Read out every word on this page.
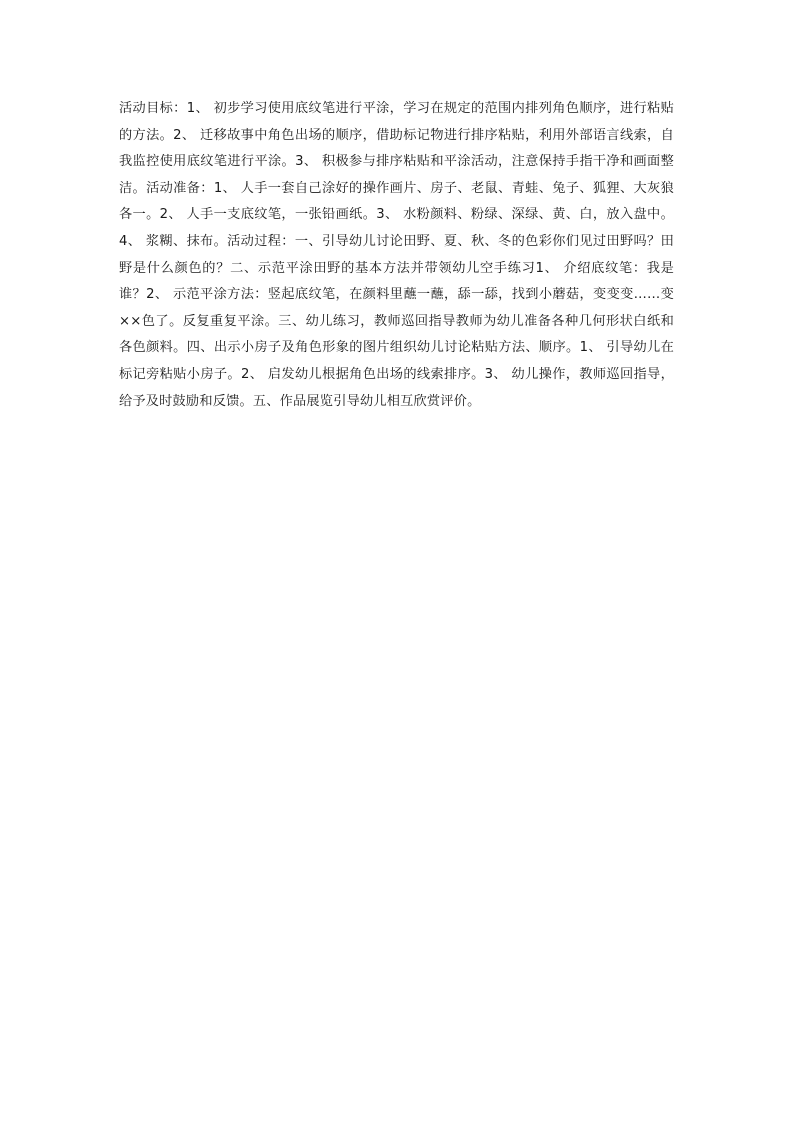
活动目标：1、 初步学习使用底纹笔进行平涂，学习在规定的范围内排列角色顺序，进行粘贴的方法。2、 迁移故事中角色出场的顺序，借助标记物进行排序粘贴，利用外部语言线索，自我监控使用底纹笔进行平涂。3、 积极参与排序粘贴和平涂活动，注意保持手指干净和画面整洁。活动准备：1、 人手一套自己涂好的操作画片、房子、老鼠、青蛙、兔子、狐狸、大灰狼各一。2、 人手一支底纹笔，一张铅画纸。3、 水粉颜料、粉绿、深绿、黄、白，放入盘中。4、 浆糊、抹布。活动过程：一、引导幼儿讨论田野、夏、秋、冬的色彩你们见过田野吗？田野是什么颜色的？二、示范平涂田野的基本方法并带领幼儿空手练习1、 介绍底纹笔：我是谁？2、 示范平涂方法：竖起底纹笔，在颜料里蘸一蘸，舔一舔，找到小蘑菇，变变变……变××色了。反复重复平涂。三、幼儿练习，教师巡回指导教师为幼儿准备各种几何形状白纸和各色颜料。四、出示小房子及角色形象的图片组织幼儿讨论粘贴方法、顺序。1、 引导幼儿在标记旁粘贴小房子。2、 启发幼儿根据角色出场的线索排序。3、 幼儿操作，教师巡回指导，给予及时鼓励和反馈。五、作品展览引导幼儿相互欣赏评价。
